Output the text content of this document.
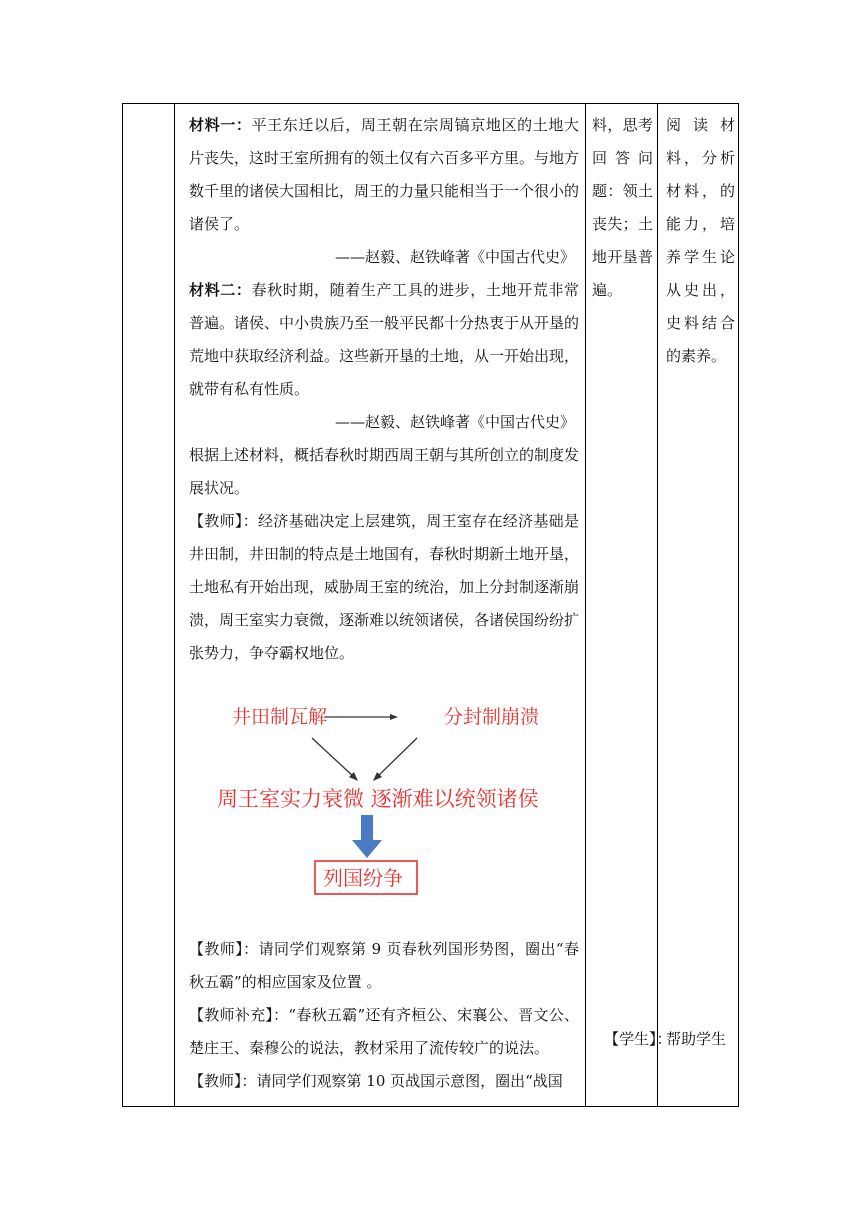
材料一：平王东迁以后，周王朝在宗周镐京地区的土地大片丧失，这时王室所拥有的领土仅有六百多平方里。与地方数千里的诸侯大国相比，周王的力量只能相当于一个很小的诸侯了。

——赵毅、赵铁峰著《中国古代史》

材料二：春秋时期，随着生产工具的进步，土地开荒非常普遍。诸侯、中小贵族乃至一般平民都十分热衷于从开垦的荒地中获取经济利益。这些新开垦的土地，从一开始出现，就带有私有性质。

——赵毅、赵铁峰著《中国古代史》

根据上述材料，概括春秋时期西周王朝与其所创立的制度发展状况。

【教师】：经济基础决定上层建筑，周王室存在经济基础是井田制，井田制的特点是土地国有，春秋时期新土地开垦，土地私有开始出现，威胁周王室的统治，加上分封制逐渐崩溃，周王室实力衰微，逐渐难以统领诸侯，各诸侯国纷纷扩张势力，争夺霸权地位。

【教师】：请同学们观察第 9 页春秋列国形势图，圈出“春秋五霸”的相应国家及位置 。

【教师补充】：“春秋五霸”还有齐桓公、宋襄公、晋文公、楚庄王、秦穆公的说法，教材采用了流传较广的说法。

【教师】：请同学们观察第 10 页战国示意图，圈出“战国

井田制瓦解	分封制崩溃
周王室实力衰微 逐渐难以统领诸侯
列国纷争

料，思考

回 答 问

题：领土

丧失；土

地开垦普

遍。

阅 读 材

料，分析

材料，的

能力，培

养学生论

从史出，

史料结合

的素养。

【学生】：
帮助学生
